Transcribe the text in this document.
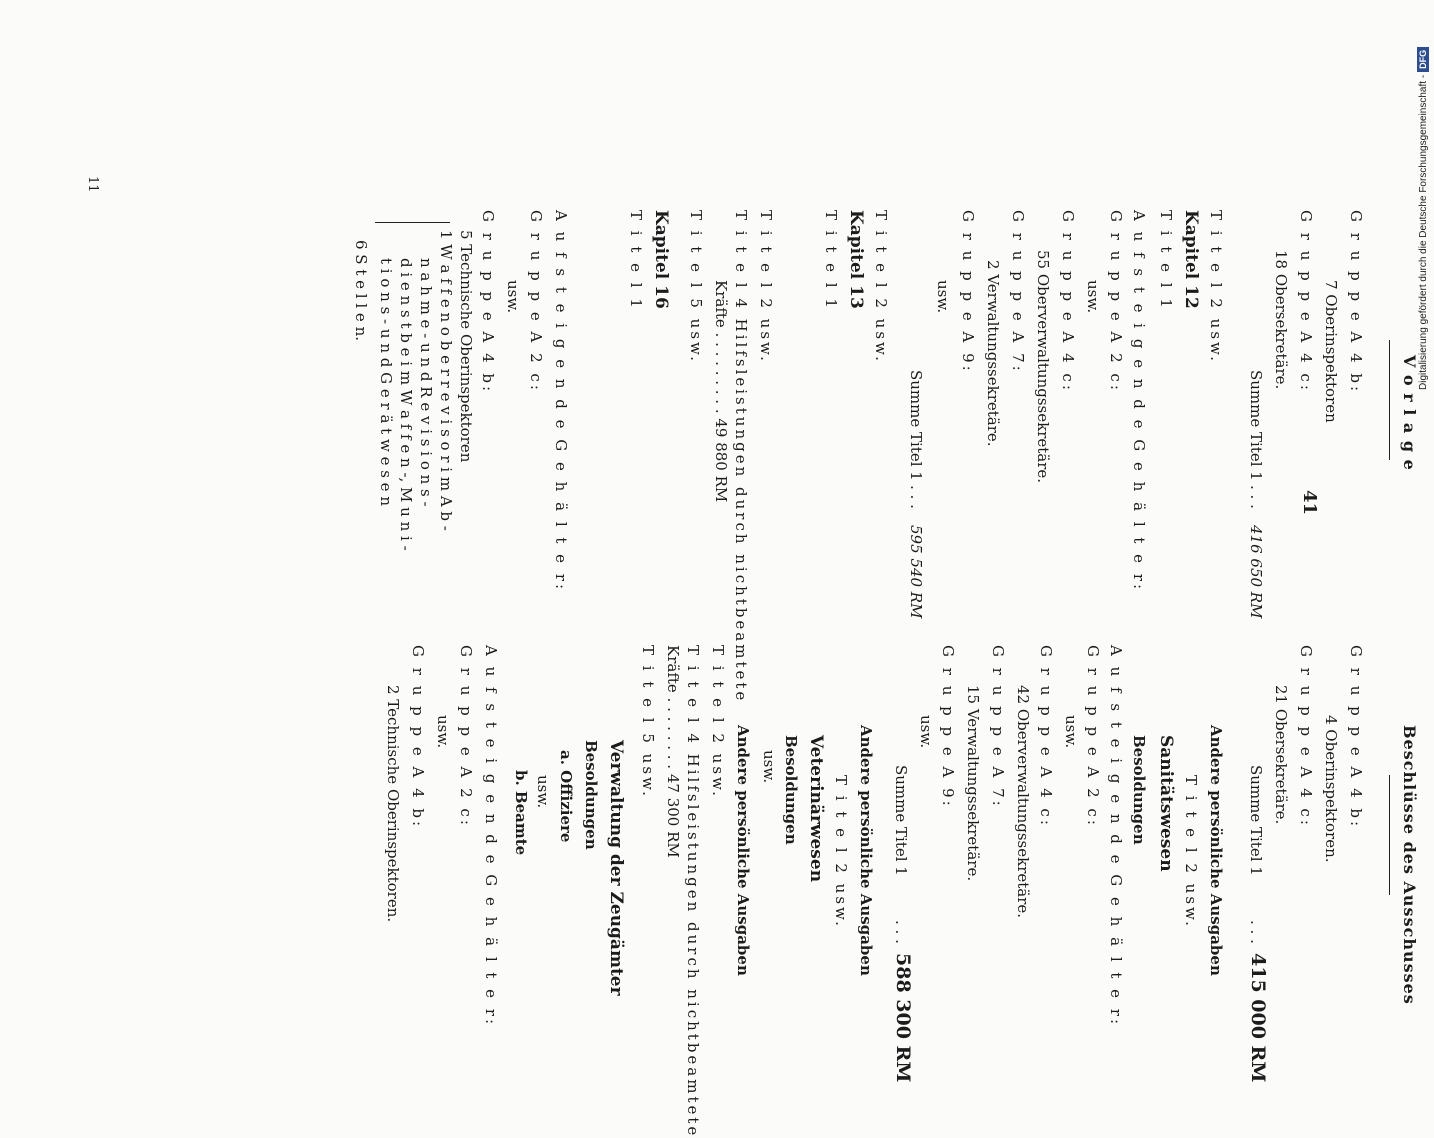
41
11
V o r l a g e
G r u p p e A 4 b:
7 Oberinspektoren
G r u p p e A 4 c:
18 Obersekretäre.
Summe Titel 1
. . .
416 650 RM
T i t e l 2 usw.
Kapitel 12
T i t e l 1
A u f s t e i g e n d e G e h ä l t e r:
G r u p p e A 2 c:
usw.
G r u p p e A 4 c:
55 Oberverwaltungssekretäre.
G r u p p e A 7:
2 Verwaltungssekretäre.
G r u p p e A 9:
usw.
Summe Titel 1
. . .
595 540 RM
T i t e l 2 usw.
Kapitel 13
T i t e l 1
T i t e l 2 usw.
T i t e l 4 Hilfsleistungen durch nichtbeamtete
Kräfte . . . . . . . . . 49 880 RM
T i t e l 5 usw.
Kapitel 16
T i t e l 1
A u f s t e i g e n d e G e h ä l t e r:
G r u p p e A 2 c:
usw.
G r u p p e A 4 b:
5 Technische Oberinspektoren
1 W a f f e n o b e r r e v i s o r i m A b -
n a h m e - u n d R e v i s i o n s -
d i e n s t b e i m W a f f e n -, M u n i -
t i o n s - u n d G e r ä t w e s e n
6 S t e l l e n.
Beschlüsse des Ausschusses
G r u p p e A 4 b:
4 Oberinspektoren.
G r u p p e A 4 c:
21 Obersekretäre.
Summe Titel 1
. . .
415 000 RM
Andere persönliche Ausgaben
T i t e l 2 usw.
Sanitätswesen
Besoldungen
A u f s t e i g e n d e G e h ä l t e r:
G r u p p e A 2 c:
usw.
G r u p p e A 4 c:
42 Oberverwaltungssekretäre.
G r u p p e A 7:
15 Verwaltungssekretäre.
G r u p p e A 9:
usw.
Summe Titel 1
. . .
588 300 RM
Andere persönliche Ausgaben
T i t e l 2 usw.
Veterinärwesen
Besoldungen
usw.
Andere persönliche Ausgaben
T i t e l 2 usw.
T i t e l 4 Hilfsleistungen durch nichtbeamtete
Kräfte . . . . . . . . 47 300 RM
T i t e l 5 usw.
Verwaltung der Zeugämter
Besoldungen
a. Offiziere
usw.
b. Beamte
A u f s t e i g e n d e G e h ä l t e r:
G r u p p e A 2 c:
usw.
G r u p p e A 4 b:
2 Technische Oberinspektoren.
Digitalisierung gefördert durch die Deutsche Forschungsgemeinschaft -
DFG
